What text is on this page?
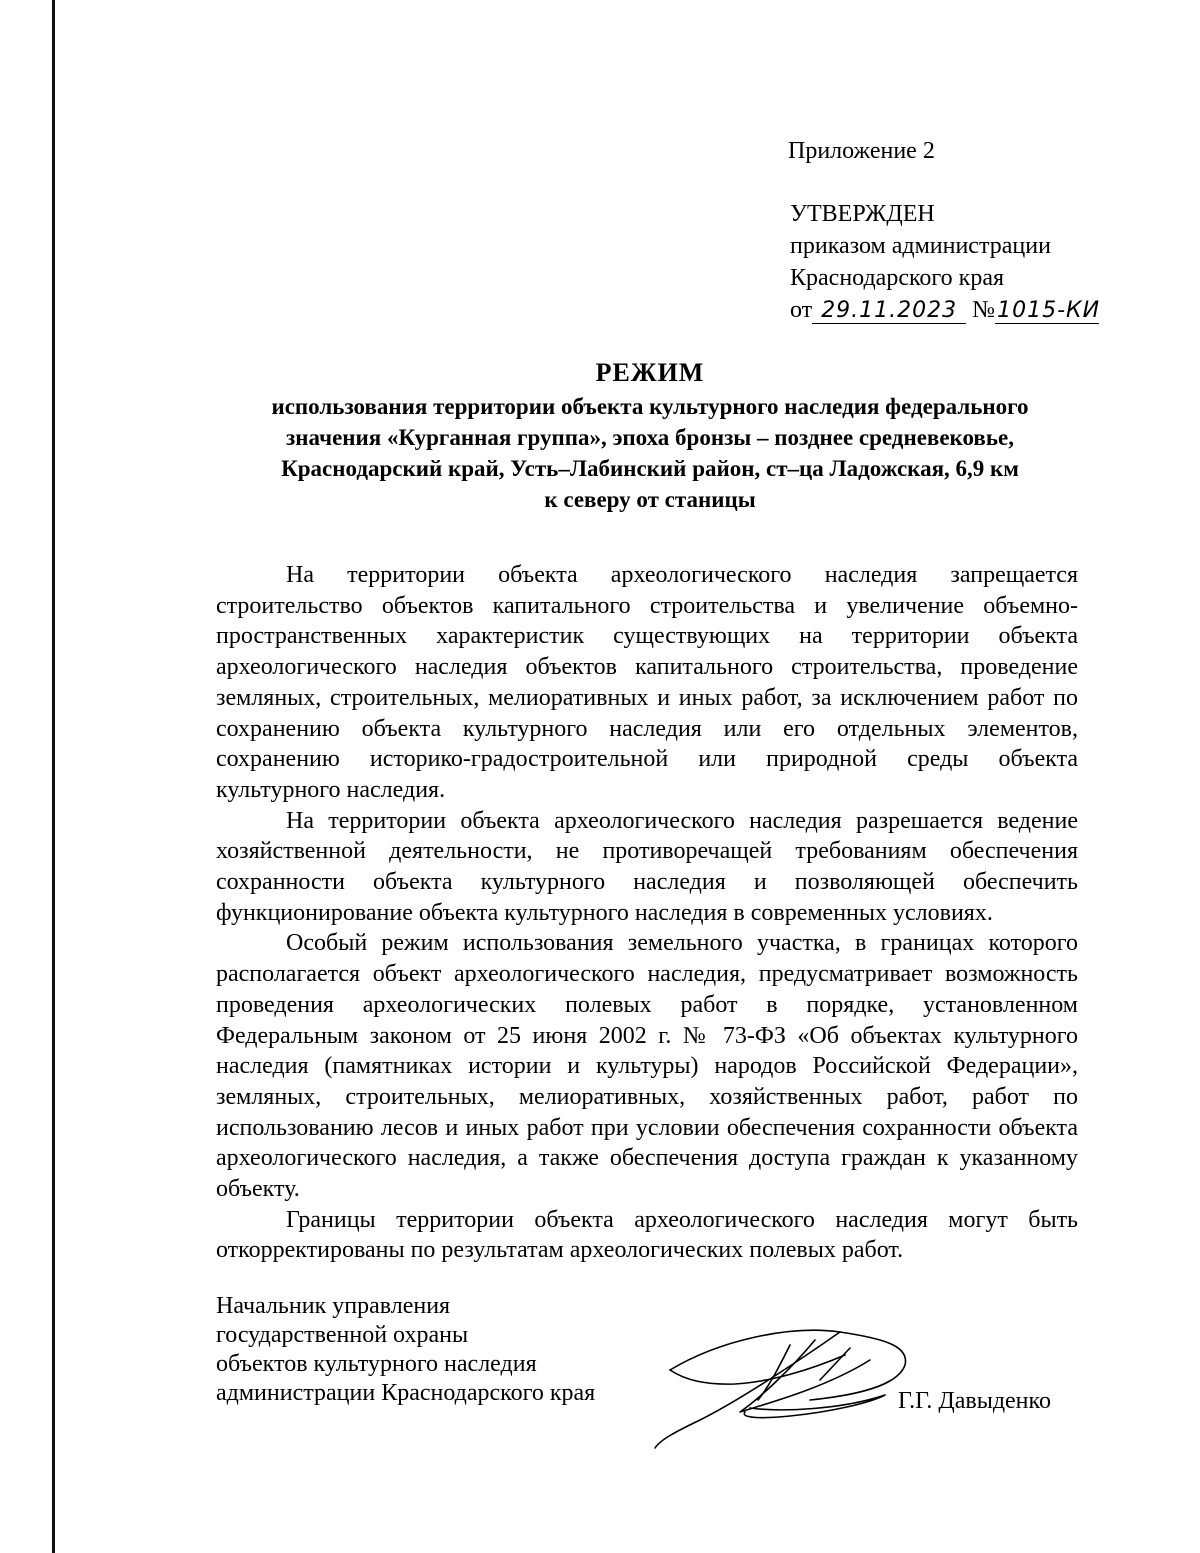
Приложение 2
УТВЕРЖДЕН
приказом администрации
Краснодарского края
от 29.11.2023 №1015-КИ
РЕЖИМ
использования территории объекта культурного наследия федерального
значения «Курганная группа», эпоха бронзы – позднее средневековье,
Краснодарский край, Усть–Лабинский район, ст–ца Ладожская, 6,9 км
к северу от станицы

На территории объекта археологического наследия запрещается строительство объектов капитального строительства и увеличение объемно-пространственных характеристик существующих на территории объекта археологического наследия объектов капитального строительства, проведение земляных, строительных, мелиоративных и иных работ, за исключением работ по сохранению объекта культурного наследия или его отдельных элементов, сохранению историко-градостроительной или природной среды объекта культурного наследия.

На территории объекта археологического наследия разрешается ведение хозяйственной деятельности, не противоречащей требованиям обеспечения сохранности объекта культурного наследия и позволяющей обеспечить функционирование объекта культурного наследия в современных условиях.

Особый режим использования земельного участка, в границах которого располагается объект археологического наследия, предусматривает возможность проведения археологических полевых работ в порядке, установленном Федеральным законом от 25 июня 2002 г. № 73-ФЗ «Об объектах культурного наследия (памятниках истории и культуры) народов Российской Федерации», земляных, строительных, мелиоративных, хозяйственных работ, работ по использованию лесов и иных работ при условии обеспечения сохранности объекта археологического наследия, а также обеспечения доступа граждан к указанному объекту.

Границы территории объекта археологического наследия могут быть откорректированы по результатам археологических полевых работ.

Начальник управления
государственной охраны
объектов культурного наследия
администрации Краснодарского края	Г.Г. Давыденко
